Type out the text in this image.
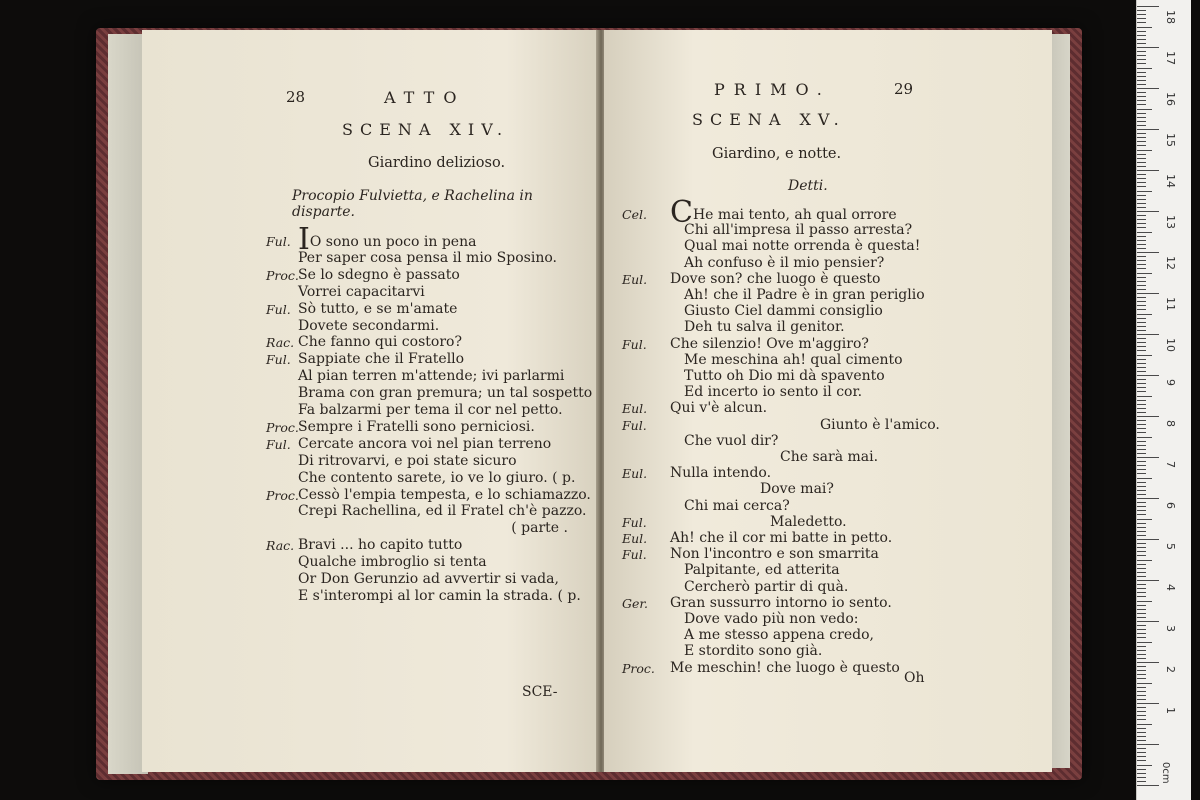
28	ATTO
SCENA XIV.
Giardino delizioso.
Procopio Fulvietta, e Rachelina in disparte.
Ful. IO sono un poco in pena
Per saper cosa pensa il mio Sposino.
Proc. Se lo sdegno è passato
Vorrei capacitarvi
Ful. Sò tutto, e se m'amate
Dovete secondarmi.
Rac. Che fanno qui costoro?
Ful. Sappiate che il Fratello
Al pian terren m'attende; ivi parlarmi
Brama con gran premura; un tal sospetto
Fa balzarmi per tema il cor nel petto.
Proc. Sempre i Fratelli sono perniciosi.
Ful. Cercate ancora voi nel pian terreno
Di ritrovarvi, e poi state sicuro
Che contento sarete, io ve lo giuro. ( p.
Proc. Cessò l'empia tempesta, e lo schiamazzo.
Crepi Rachellina, ed il Fratel ch'è pazzo.
( parte .
Rac. Bravi ... ho capito tutto
Qualche imbroglio si tenta
Or Don Gerunzio ad avvertir si vada,
E s'interompi al lor camin la strada. ( p.
SCE-
PRIMO.	29
SCENA XV.
Giardino, e notte.
Detti.
Cel. CHe mai tento, ah qual orrore
Chi all'impresa il passo arresta?
Qual mai notte orrenda è questa!
Ah confuso è il mio pensier?
Eul. Dove son? che luogo è questo
Ah! che il Padre è in gran periglio
Giusto Ciel dammi consiglio
Deh tu salva il genitor.
Ful. Che silenzio! Ove m'aggiro?
Me meschina ah! qual cimento
Tutto oh Dio mi dà spavento
Ed incerto io sento il cor.
Eul. Qui v'è alcun.
Ful.	Giunto è l'amico.
Che vuol dir?
Che sarà mai.
Eul. Nulla intendo.
Dove mai?
Chi mai cerca?
Ful.	Maledetto.
Eul. Ah! che il cor mi batte in petto.
Ful. Non l'incontro e son smarrita
Palpitante, ed atterita
Cercherò partir di quà.
Ger. Gran sussurro intorno io sento.
Dove vado più non vedo:
A me stesso appena credo,
E stordito sono già.
Proc. Me meschin! che luogo è questo
Oh
18
17
16
15
14
13
12
11
10
9
8
7
6
5
4
3
2
1
0cm
